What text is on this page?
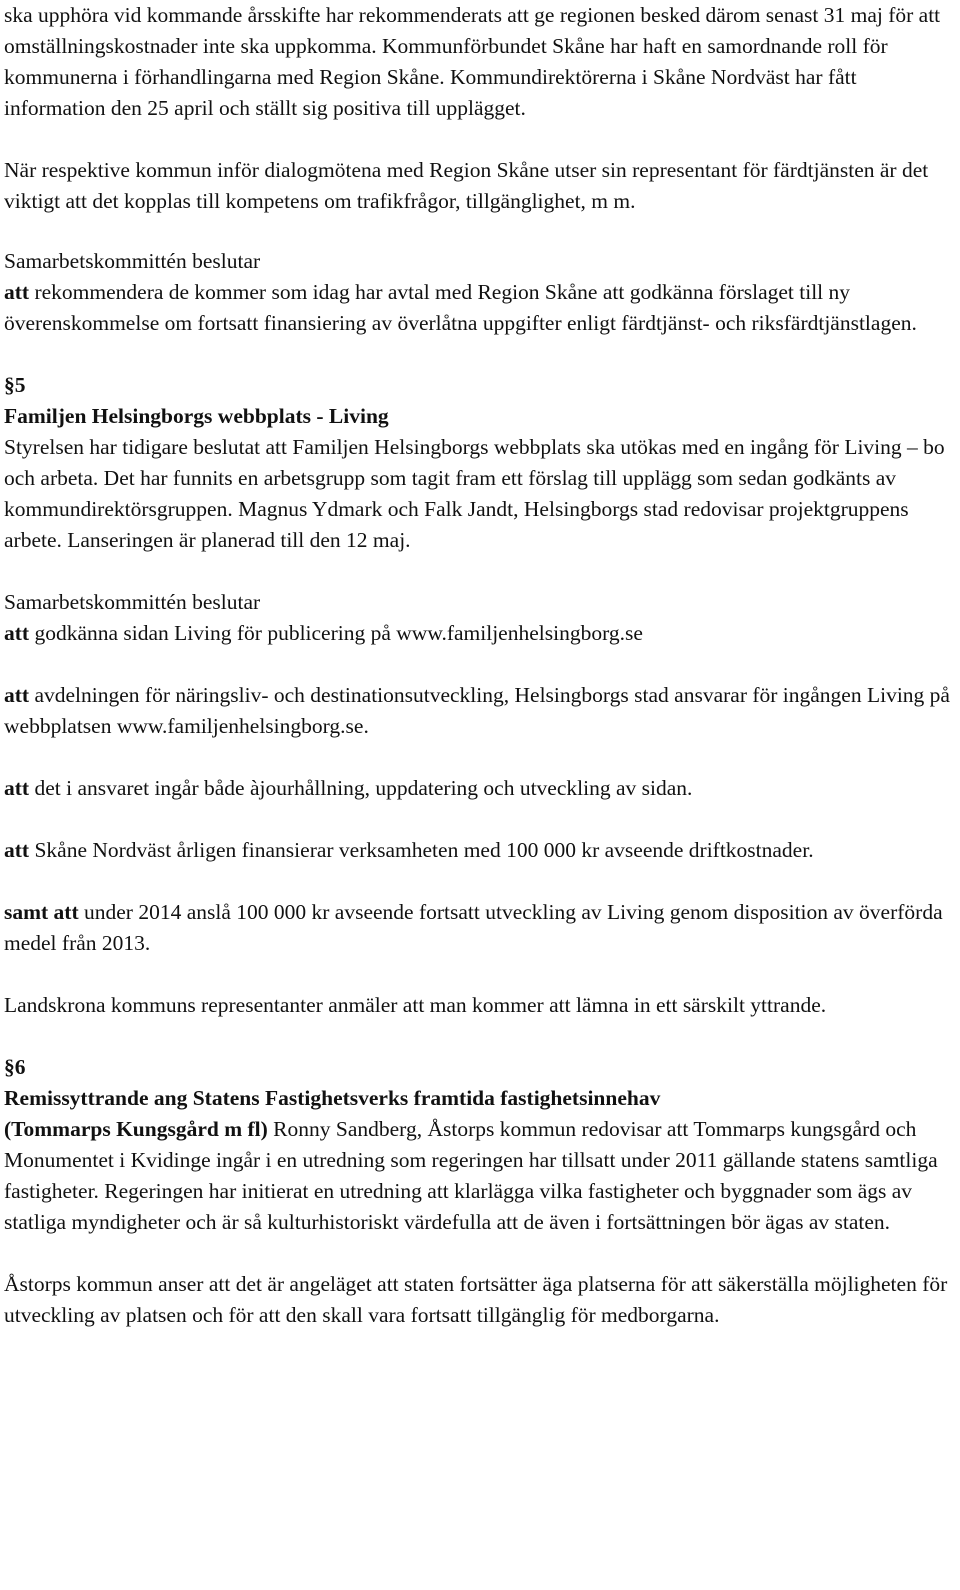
ska upphöra vid kommande årsskifte har rekommenderats att ge regionen besked därom senast 31 maj för att omställningskostnader inte ska uppkomma. Kommunförbundet Skåne har haft en samordnande roll för kommunerna i förhandlingarna med Region Skåne. Kommundirektörerna i Skåne Nordväst har fått information den 25 april och ställt sig positiva till upplägget.

När respektive kommun inför dialogmötena med Region Skåne utser sin representant för färdtjänsten är det viktigt att det kopplas till kompetens om trafikfrågor, tillgänglighet, m m.

Samarbetskommittén beslutar

att rekommendera de kommer som idag har avtal med Region Skåne att godkänna förslaget till ny överenskommelse om fortsatt finansiering av överlåtna uppgifter enligt färdtjänst- och riksfärdtjänstlagen.

§5

Familjen Helsingborgs webbplats - Living

Styrelsen har tidigare beslutat att Familjen Helsingborgs webbplats ska utökas med en ingång för Living – bo och arbeta. Det har funnits en arbetsgrupp som tagit fram ett förslag till upplägg som sedan godkänts av kommundirektörsgruppen. Magnus Ydmark och Falk Jandt, Helsingborgs stad redovisar projektgruppens arbete. Lanseringen är planerad till den 12 maj.

Samarbetskommittén beslutar

att godkänna sidan Living för publicering på www.familjenhelsingborg.se

att avdelningen för näringsliv- och destinationsutveckling, Helsingborgs stad ansvarar för ingången Living på webbplatsen www.familjenhelsingborg.se.

att det i ansvaret ingår både àjourhållning, uppdatering och utveckling av sidan.

att Skåne Nordväst årligen finansierar verksamheten med 100 000 kr avseende driftkostnader.

samt att under 2014 anslå 100 000 kr avseende fortsatt utveckling av Living genom disposition av överförda medel från 2013.

Landskrona kommuns representanter anmäler att man kommer att lämna in ett särskilt yttrande.

§6

Remissyttrande ang Statens Fastighetsverks framtida fastighetsinnehav

(Tommarps Kungsgård m fl) Ronny Sandberg, Åstorps kommun redovisar att Tommarps kungsgård och Monumentet i Kvidinge ingår i en utredning som regeringen har tillsatt under 2011 gällande statens samtliga fastigheter. Regeringen har initierat en utredning att klarlägga vilka fastigheter och byggnader som ägs av statliga myndigheter och är så kulturhistoriskt värdefulla att de även i fortsättningen bör ägas av staten.

Åstorps kommun anser att det är angeläget att staten fortsätter äga platserna för att säkerställa möjligheten för utveckling av platsen och för att den skall vara fortsatt tillgänglig för medborgarna.
